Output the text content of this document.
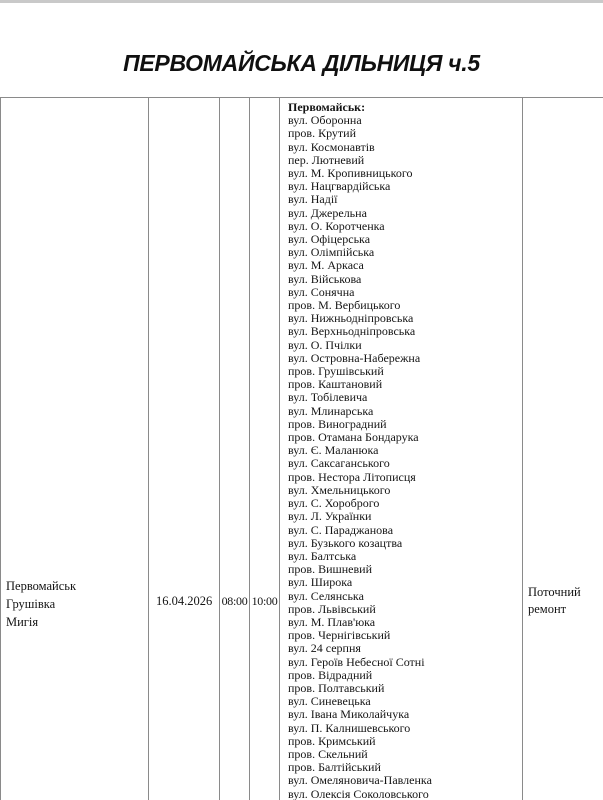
ПЕРВОМАЙСЬКА ДІЛЬНИЦЯ ч.5
Первомайськ
Грушівка
Мигія
16.04.2026 08:00 10:00
Первомайськ:
вул. Оборонна
пров. Крутий
вул. Космонавтів
пер. Лютневий
вул. М. Кропивницького
вул. Нацгвардійська
вул. Надії
вул. Джерельна
вул. О. Коротченка
вул. Офіцерська
вул. Олімпійська
вул. М. Аркаса
вул. Військова
вул. Сонячна
пров. М. Вербицького
вул. Нижньодніпровська
вул. Верхньодніпровська
вул. О. Пчілки
вул. Островна-Набережна
пров. Грушівський
пров. Каштановий
вул. Тобілевича
вул. Млинарська
пров. Виноградний
пров. Отамана Бондарука
вул. Є. Маланюка
вул. Саксаганського
пров. Нестора Літописця
вул. Хмельницького
вул. С. Хороброго
вул. Л. Українки
вул. С. Параджанова
вул. Бузького козацтва
вул. Балтська
пров. Вишневий
вул. Широка
вул. Селянська
пров. Львівський
вул. М. Плав'юка
пров. Чернігівський
вул. 24 серпня
вул. Героїв Небесної Сотні
пров. Відрадний
пров. Полтавський
вул. Синевецька
вул. Івана Миколайчука
вул. П. Калнишевського
пров. Кримський
пров. Скельний
пров. Балтійський
вул. Омеляновича-Павленка
вул. Олексія Соколовського
Поточний ремонт
